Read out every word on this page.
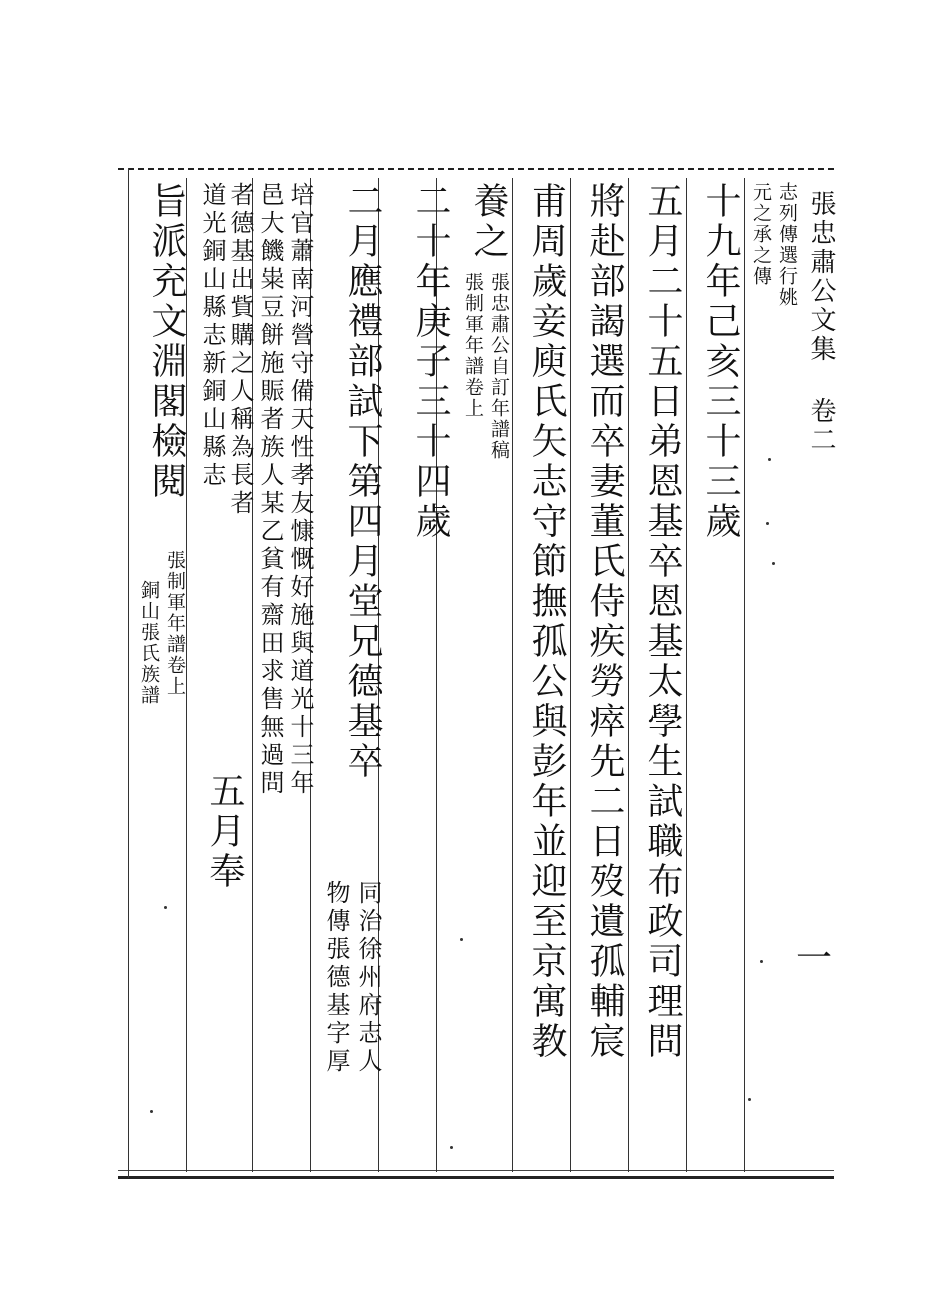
張忠肅公文集 卷二
一
志列傳選行姚
元之承之傳
十九年己亥三十三歲
五月二十五日弟恩基卒恩基太學生試職布政司理問
將赴部謁選而卒妻董氏侍疾勞瘁先二日歿遺孤輔宸
甫周歲妾庾氏矢志守節撫孤公與彭年並迎至京寓教
養之
張忠肅公自訂年譜稿
張制軍年譜卷上
二十年庚子三十四歲
二月應禮部試下第四月堂兄德基卒
同治徐州府志人
物傳張德基字厚
培官蕭南河營守備天性孝友慷慨好施與道光十三年
邑大饑粜豆餅施賑者族人某乙貧有齋田求售無過問
者德基出貲購之人稱為長者
道光銅山縣志新銅山縣志
五月奉
旨派充文淵閣檢閱
張制軍年譜卷上
銅山張氏族譜
